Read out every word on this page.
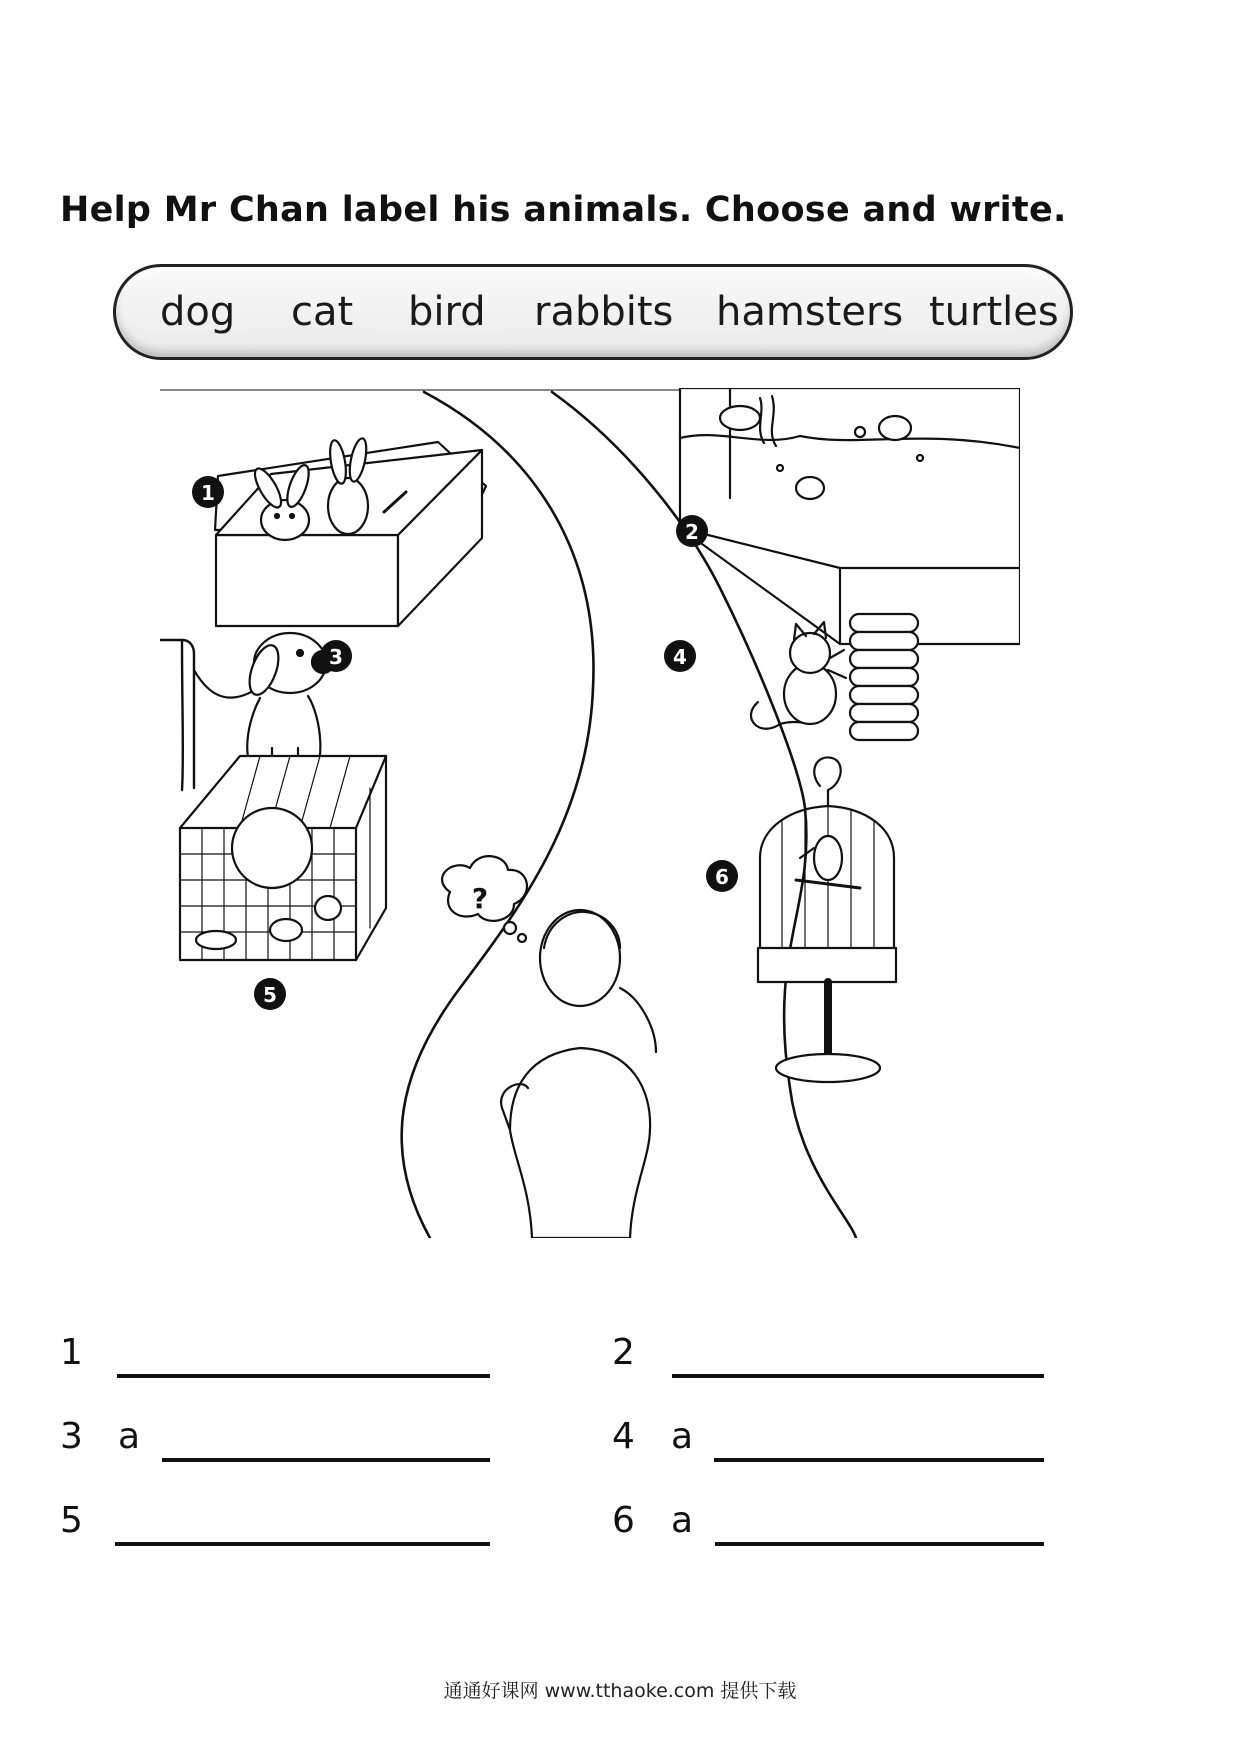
Help Mr Chan label his animals. Choose and write.
dog cat bird rabbits hamsters turtles
1
2
3	4
5
6
?
1	2
3 a	4 a
5	6 a
通通好课网 www.tthaoke.com 提供下载
